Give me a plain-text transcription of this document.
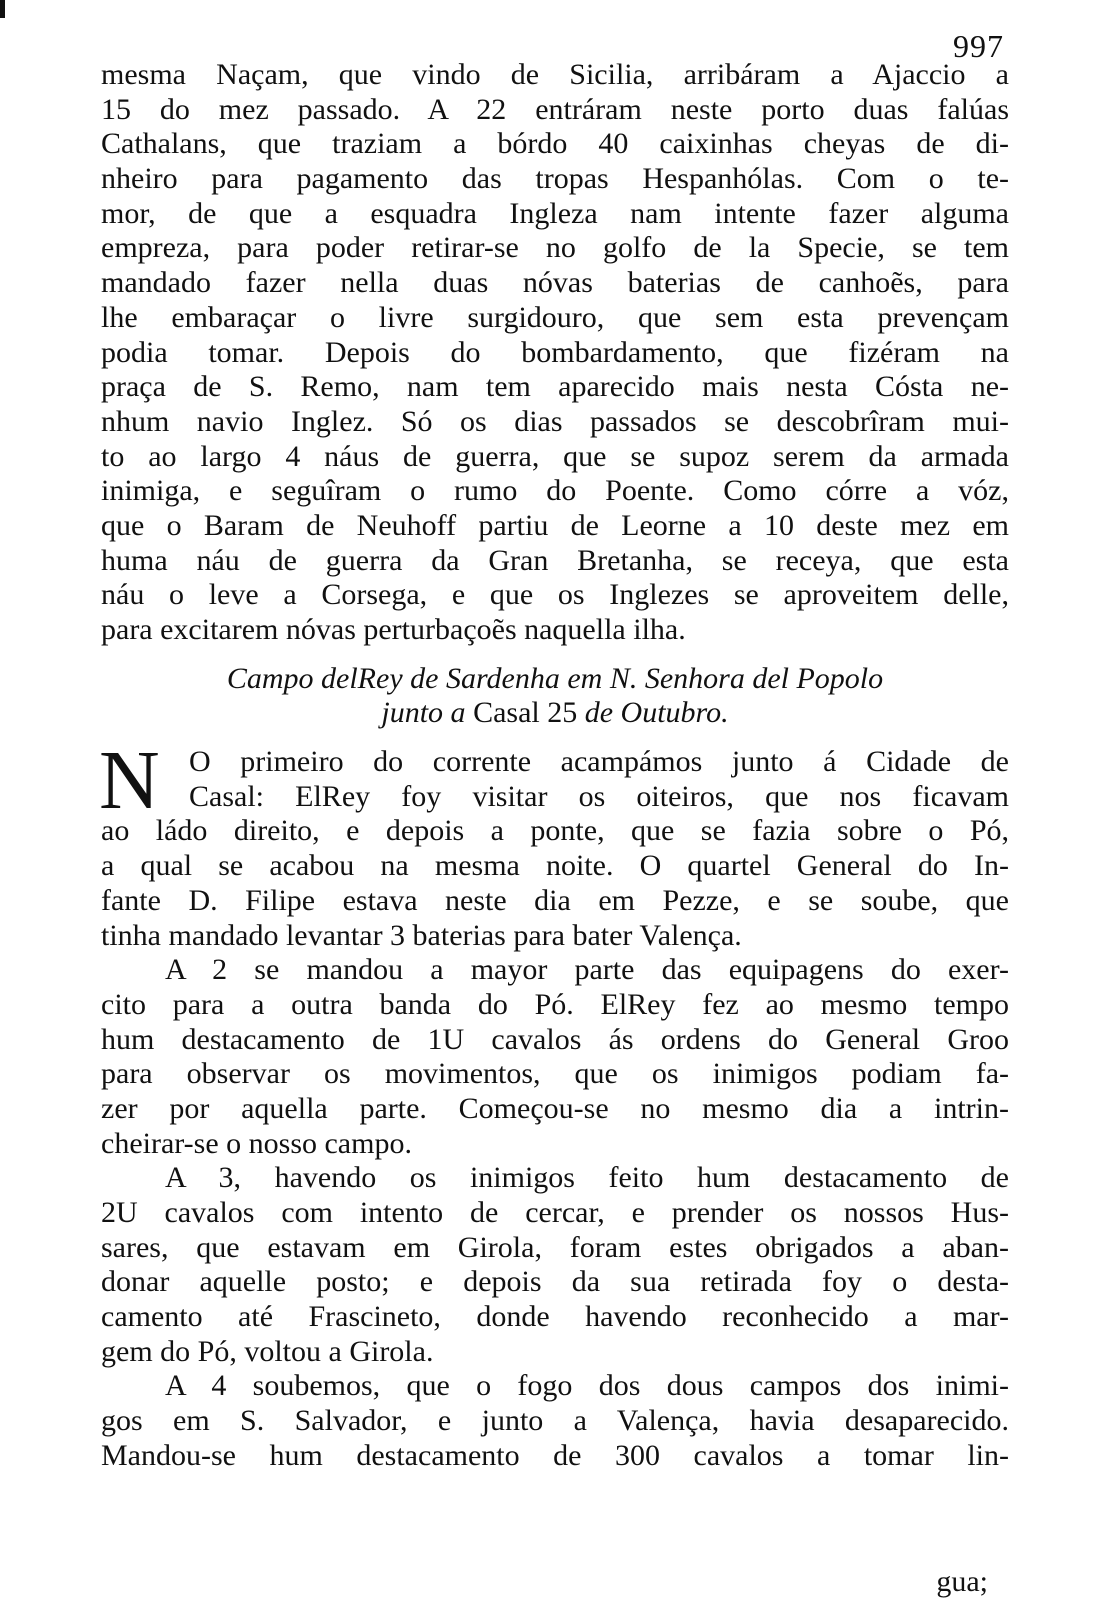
997
mesma Naçam, que vindo de Sicilia, arribáram a Ajaccio a
15 do mez passado. A 22 entráram neste porto duas falúas
Cathalans, que traziam a bórdo 40 caixinhas cheyas de di-
nheiro para pagamento das tropas Hespanhólas. Com o te-
mor, de que a esquadra Ingleza nam intente fazer alguma
empreza, para poder retirar-se no golfo de la Specie, se tem
mandado fazer nella duas nóvas baterias de canhoẽs, para
lhe embaraçar o livre surgidouro, que sem esta prevençam
podia tomar. Depois do bombardamento, que fizéram na
praça de S. Remo, nam tem aparecido mais nesta Cósta ne-
nhum navio Inglez. Só os dias passados se descobrîram mui-
to ao largo 4 náus de guerra, que se supoz serem da armada
inimiga, e seguîram o rumo do Poente. Como córre a vóz,
que o Baram de Neuhoff partiu de Leorne a 10 deste mez em
huma náu de guerra da Gran Bretanha, se receya, que esta
náu o leve a Corsega, e que os Inglezes se aproveitem delle,
para excitarem nóvas perturbaçoẽs naquella ilha.
Campo delRey de Sardenha em N. Senhora del Popolo
junto a Casal 25 de Outubro.
N O primeiro do corrente acampámos junto á Cidade de
Casal: ElRey foy visitar os oiteiros, que nos ficavam
ao ládo direito, e depois a ponte, que se fazia sobre o Pó,
a qual se acabou na mesma noite. O quartel General do In-
fante D. Filipe estava neste dia em Pezze, e se soube, que
tinha mandado levantar 3 baterias para bater Valença.
A 2 se mandou a mayor parte das equipagens do exer-
cito para a outra banda do Pó. ElRey fez ao mesmo tempo
hum destacamento de 1U cavalos ás ordens do General Groo
para observar os movimentos, que os inimigos podiam fa-
zer por aquella parte. Começou-se no mesmo dia a intrin-
cheirar-se o nosso campo.
A 3, havendo os inimigos feito hum destacamento de
2U cavalos com intento de cercar, e prender os nossos Hus-
sares, que estavam em Girola, foram estes obrigados a aban-
donar aquelle posto; e depois da sua retirada foy o desta-
camento até Frascineto, donde havendo reconhecido a mar-
gem do Pó, voltou a Girola.
A 4 soubemos, que o fogo dos dous campos dos inimi-
gos em S. Salvador, e junto a Valença, havia desaparecido.
Mandou-se hum destacamento de 300 cavalos a tomar lin-
gua;
